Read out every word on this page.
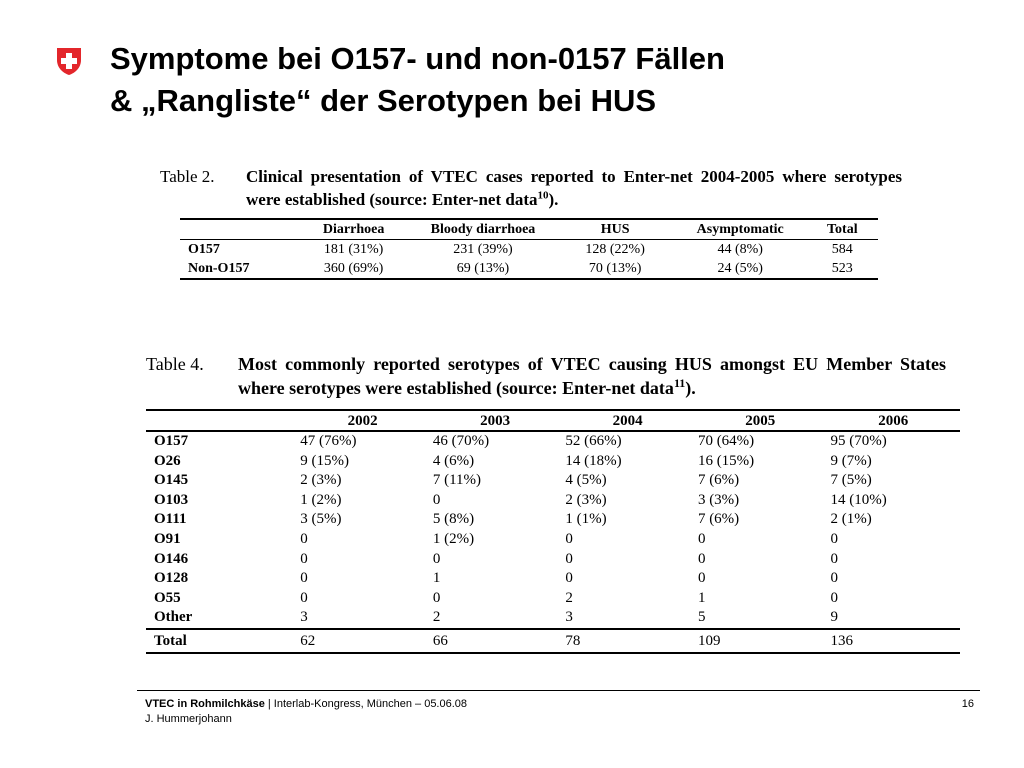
Symptome bei O157- und non-0157 Fällen
& „Rangliste“ der Serotypen bei HUS
Table 2.	Clinical presentation of VTEC cases reported to Enter-net 2004-2005 where serotypes were established (source: Enter-net data$^{10}$).
	Diarrhoea	Bloody diarrhoea	HUS	Asymptomatic	Total
O157	181 (31%)	231 (39%)	128 (22%)	44 (8%)	584
Non-O157	360 (69%)	69 (13%)	70 (13%)	24 (5%)	523
Table 4.	Most commonly reported serotypes of VTEC causing HUS amongst EU Member States where serotypes were established (source: Enter-net data$^{11}$).
	2002	2003	2004	2005	2006
O157	47 (76%)	46 (70%)	52 (66%)	70 (64%)	95 (70%)
O26	9 (15%)	4 (6%)	14 (18%)	16 (15%)	9 (7%)
O145	2 (3%)	7 (11%)	4 (5%)	7 (6%)	7 (5%)
O103	1 (2%)	0	2 (3%)	3 (3%)	14 (10%)
O111	3 (5%)	5 (8%)	1 (1%)	7 (6%)	2 (1%)
O91	0	1 (2%)	0	0	0
O146	0	0	0	0	0
O128	0	1	0	0	0
O55	0	0	2	1	0
Other	3	2	3	5	9
Total	62	66	78	109	136
VTEC in Rohmilchkäse | Interlab-Kongress, München – 05.06.08
J. Hummerjohann
16
